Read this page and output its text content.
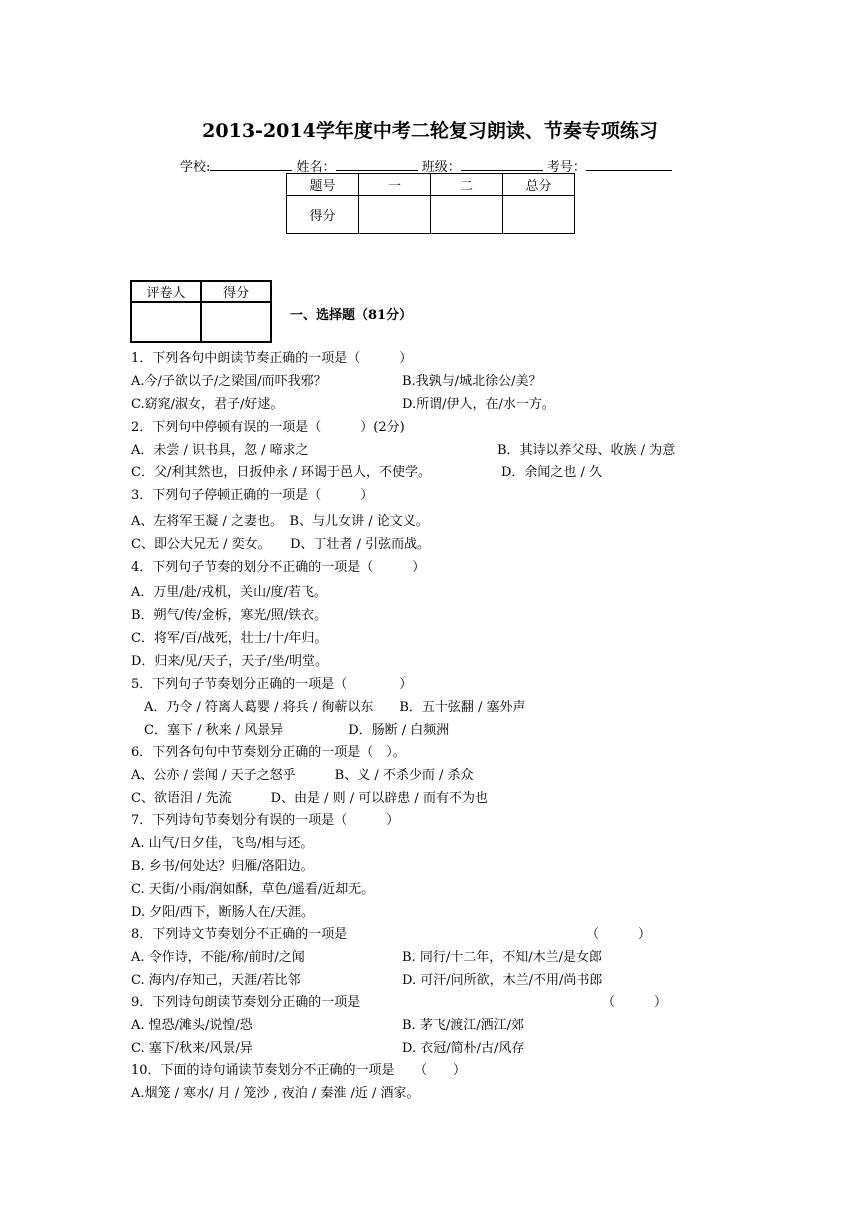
2013-2014学年度中考二轮复习朗读、节奏专项练习
学校:	姓名：	班级：	考号：
题号	一	二	总分
得分			
评卷人	得分

一、选择题（81分）
1．下列各句中朗读节奏正确的一项是（　　　）
A.今/子欲以子/之梁国/而吓我邪？	B.我孰与/城北徐公/美？
C.窈窕/淑女，君子/好逑。	D.所谓/伊人，在/水一方。
2．下列句中停顿有误的一项是（　　　）(2分)
A．未尝 / 识书具，忽 / 啼求之	B．其诗以养父母、收族 / 为意
C．父/利其然也，日扳仲永 / 环谒于邑人，不使学。	D．余闻之也 / 久
3．下列句子停顿正确的一项是（　　　）
A、左将军王凝 / 之妻也。　B、与儿女讲 / 论文义。
C、即公大兄无 / 奕女。　　D、丁壮者 / 引弦而战。
4．下列句子节奏的划分不正确的一项是（　　　）
A．万里/赴/戎机，关山/度/若飞。
B．朔气/传/金柝，寒光/照/铁衣。
C．将军/百/战死，壮士/十/年归。
D．归来/见/天子，天子/坐/明堂。
5．下列句子节奏划分正确的一项是（　　　　）
A．乃令 / 符离人葛婴 / 将兵 / 徇蕲以东　　B．五十弦翻 / 塞外声
C．塞下 / 秋来 / 风景异　　　　　D．肠断 / 白频洲
6．下列各句句中节奏划分正确的一项是（　）。
A、公亦 / 尝闻 / 天子之怒乎　　　B、义 / 不杀少而 / 杀众
C、欲语泪 / 先流　　　D、由是 / 则 / 可以辟患 / 而有不为也
7．下列诗句节奏划分有误的一项是（　　　）
A. 山气/日夕佳，飞鸟/相与还。
B. 乡书/何处达？归雁/洛阳边。
C. 天街/小雨/润如酥，草色/遥看/近却无。
D. 夕阳/西下，断肠人在/天涯。
8．下列诗文节奏划分不正确的一项是	（　　　）
A. 令作诗，不能/称/前时/之闻	B. 同行/十二年，不知/木兰/是女郎
C. 海内/存知己，天涯/若比邻	D. 可汗/问所欲，木兰/不用/尚书郎
9．下列诗句朗读节奏划分正确的一项是	（　　　）
A. 惶恐/滩头/说惶/恐	B. 茅飞/渡江/洒江/郊
C. 塞下/秋来/风景/异	D. 衣冠/简朴/古/风存
10．下面的诗句诵读节奏划分不正确的一项是　　（　　）
A.烟笼 / 寒水/ 月 / 笼沙 , 夜泊 / 秦淮 /近 / 酒家。
